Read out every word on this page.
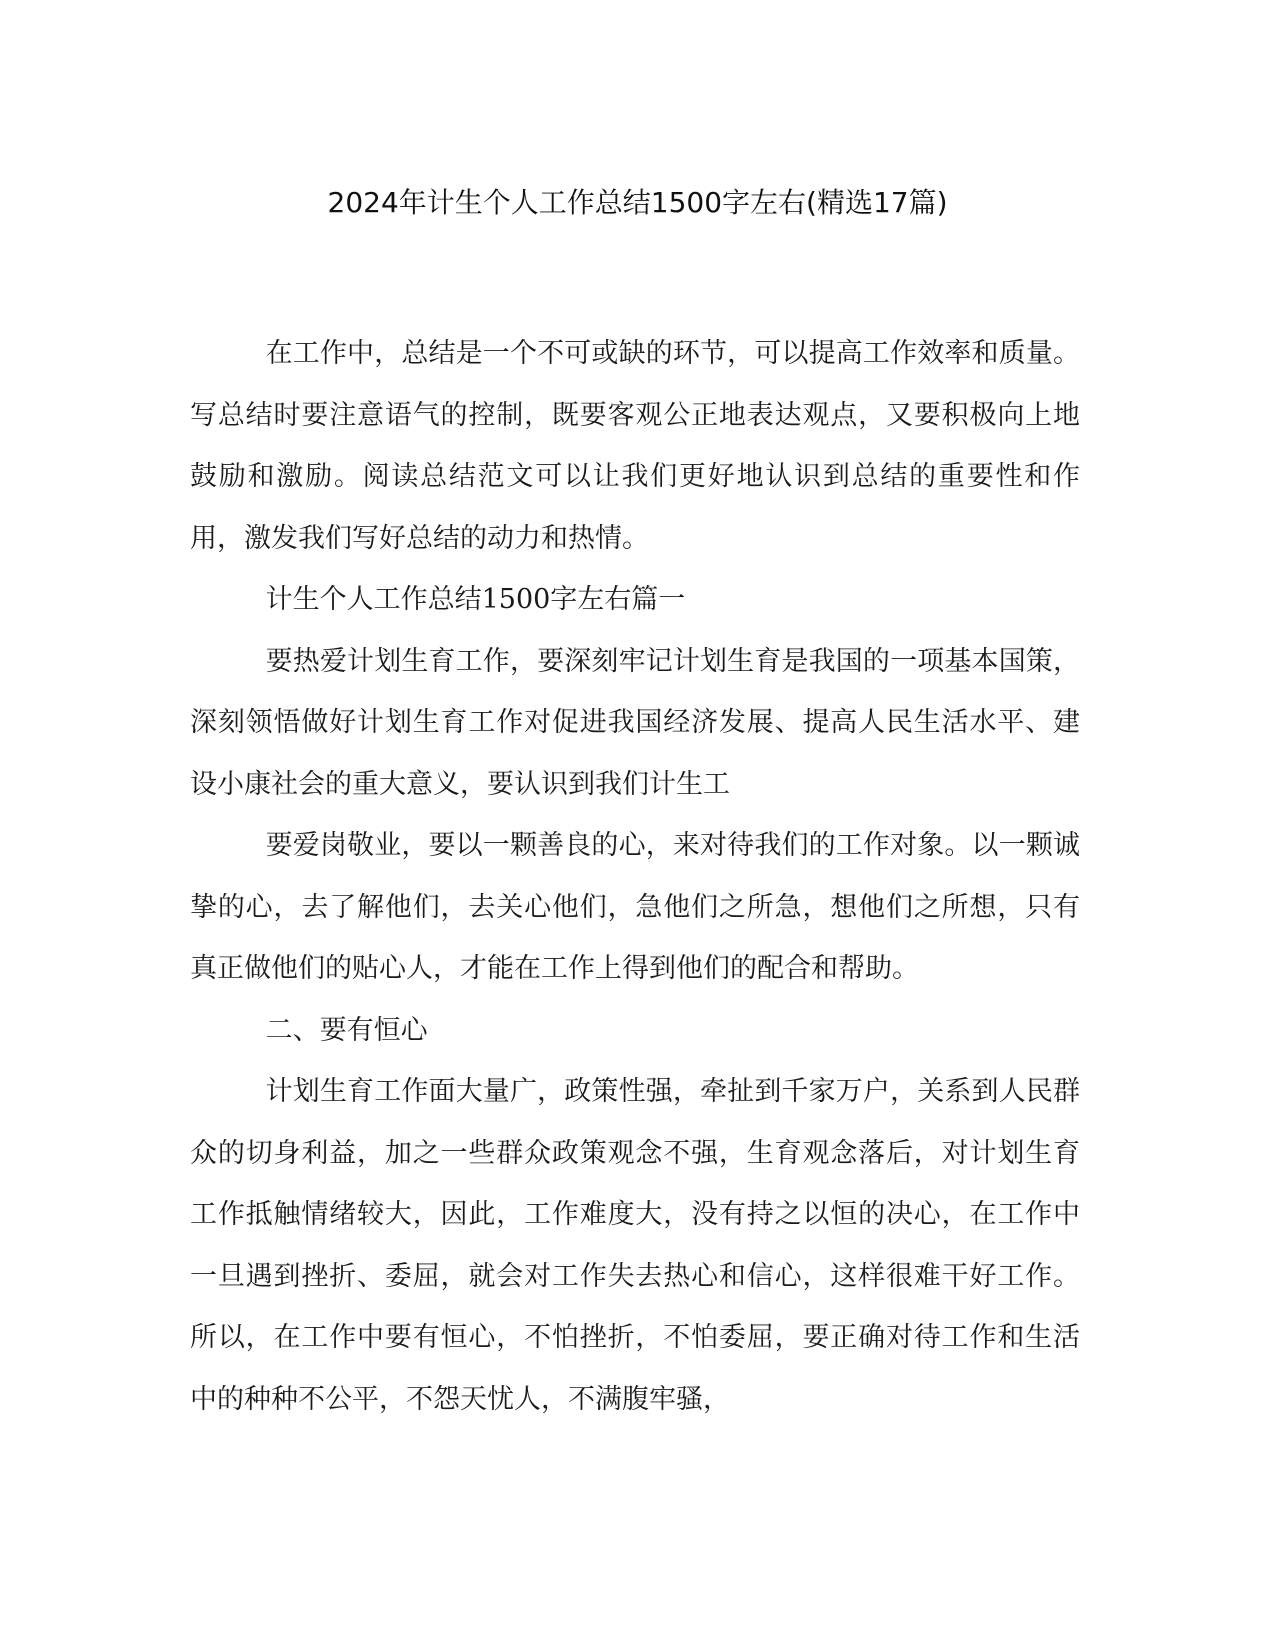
2024年计生个人工作总结1500字左右(精选17篇)

在工作中，总结是一个不可或缺的环节，可以提高工作效率和质量。写总结时要注意语气的控制，既要客观公正地表达观点，又要积极向上地鼓励和激励。阅读总结范文可以让我们更好地认识到总结的重要性和作用，激发我们写好总结的动力和热情。

计生个人工作总结1500字左右篇一

要热爱计划生育工作，要深刻牢记计划生育是我国的一项基本国策，深刻领悟做好计划生育工作对促进我国经济发展、提高人民生活水平、建设小康社会的重大意义，要认识到我们计生工

要爱岗敬业，要以一颗善良的心，来对待我们的工作对象。以一颗诚挚的心，去了解他们，去关心他们，急他们之所急，想他们之所想，只有真正做他们的贴心人，才能在工作上得到他们的配合和帮助。

二、要有恒心

计划生育工作面大量广，政策性强，牵扯到千家万户，关系到人民群众的切身利益，加之一些群众政策观念不强，生育观念落后，对计划生育工作抵触情绪较大，因此，工作难度大，没有持之以恒的决心，在工作中一旦遇到挫折、委屈，就会对工作失去热心和信心，这样很难干好工作。所以，在工作中要有恒心，不怕挫折，不怕委屈，要正确对待工作和生活中的种种不公平，不怨天忧人，不满腹牢骚，
